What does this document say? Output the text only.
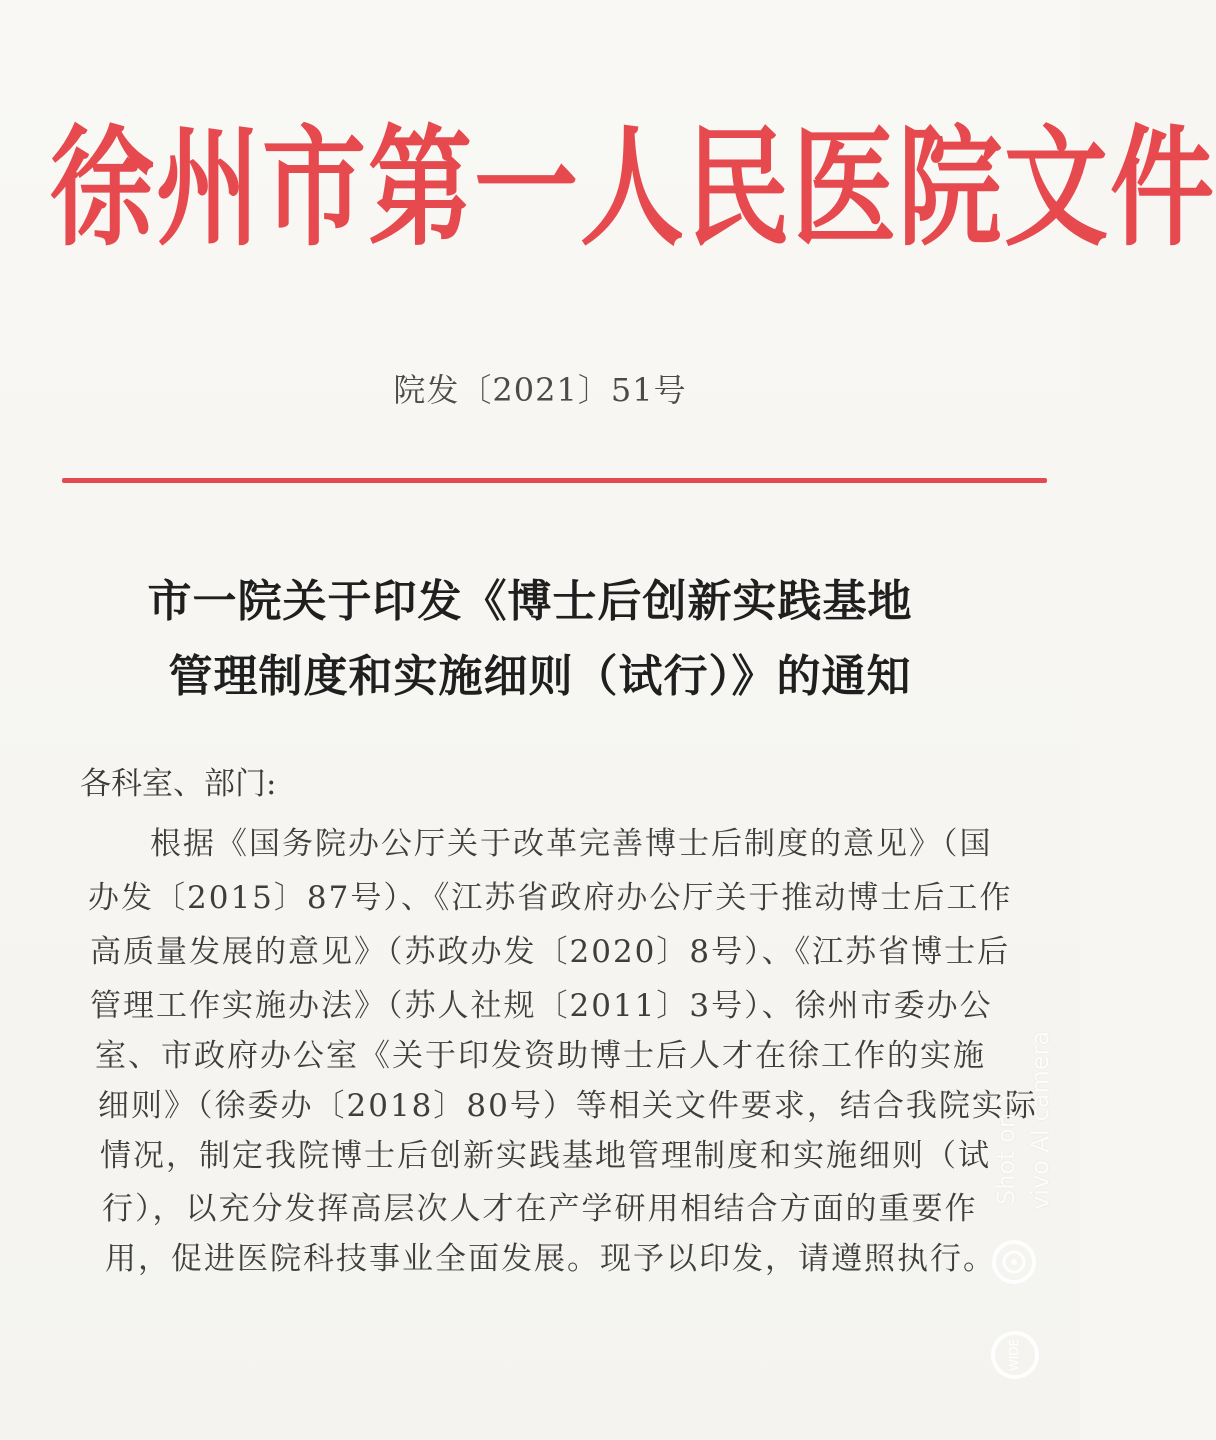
徐州市第一人民医院文件
院发〔2021〕51号
市一院关于印发《博士后创新实践基地
管理制度和实施细则（试行）》的通知
各科室、部门:
根据《国务院办公厅关于改革完善博士后制度的意见》（国
办发〔2015〕87号）、《江苏省政府办公厅关于推动博士后工作
高质量发展的意见》（苏政办发〔2020〕8号）、《江苏省博士后
管理工作实施办法》（苏人社规〔2011〕3号）、徐州市委办公
室、市政府办公室《关于印发资助博士后人才在徐工作的实施
细则》（徐委办〔2018〕80号）等相关文件要求，结合我院实际
情况，制定我院博士后创新实践基地管理制度和实施细则（试
行），以充分发挥高层次人才在产学研用相结合方面的重要作
用，促进医院科技事业全面发展。现予以印发，请遵照执行。
Shot on Y vivo AI camera
WIDE
